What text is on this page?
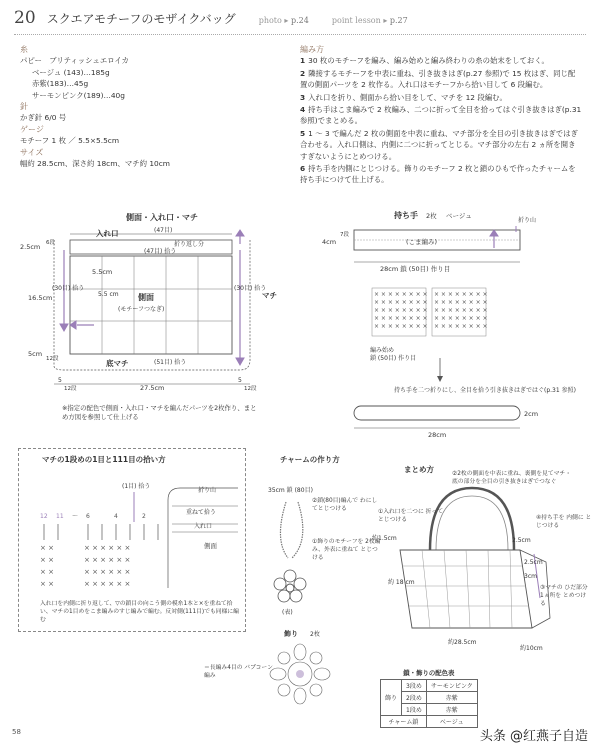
20 スクエアモチーフのモザイクバッグ	photo ▸ p.24	point lesson ▸ p.27
糸
パピー　ブリティッシュエロイカ
ベージュ (143)…185g
赤紫(183)…45g
サーモンピンク(189)…40g
針
かぎ針 6/0 号
ゲージ
モチーフ 1 枚 ／ 5.5×5.5cm
サイズ
幅約 28.5cm、深さ約 18cm、マチ約 10cm
編み方
1 30 枚のモチーフを編み、編み始めと編み終わりの糸の始末をしておく。
2 隣接するモチーフを中表に重ね、引き抜きはぎ(p.27 参照)で 15 枚はぎ、同じ配置の側面パーツを 2 枚作る。入れ口はモチーフから拾い目して 6 段編む。
3 入れ口を折り、側面から拾い目をして、マチを 12 段編む。
4 持ち手はこま編みで 2 枚編み、二つに折って全目を拾ってはぐ引き抜きはぎ(p.31 参照)でまとめる。
5 1 ～ 3 で編んだ 2 枚の側面を中表に重ね、マチ部分を全目の引き抜きはぎではぎ合わせる。入れ口側は、内側に二つに折ってとじる。マチ部分の左右 2 ヵ所を開きすぎないようにとめつける。
6 持ち手を内側にとじつける。飾りのモチーフ 2 枚と鎖のひもで作ったチャームを持ち手につけて仕上げる。
側面・入れ口・マチ
(47目)
入れ口
折り返し分
(47目) 拾う
2.5cm 6段
5.5cm
5.5 cm
16.5cm
(30目) 拾う	(30目) 拾う
側面
(モチーフつなぎ)
マチ
5cm
12段	底マチ	(51目) 拾う
5
12段	27.5cm
5
12段
※指定の配色で側面・入れ口・マチを編んだパーツを2枚作り、まとめ方図を参照して仕上げる
持ち手 2枚 ベージュ
折り山
(こま編み)
4cm
7段
28cm 鎖 (50目) 作り目
× × × × × × × ×
× × × × × × × ×
× × × × × × × ×
× × × × × × × ×
× × × × × × × ×
× × × × × × × ×
× × × × × × × ×
× × × × × × × ×
× × × × × × × ×
× × × × × × × ×
編み始め
鎖 (50目) 作り目
持ち手を二つ折りにし、全目を拾う引き抜きはぎではぐ(p.31 参照)
2cm
28cm
マチの1段めの1目と111目の拾い方
折り山
(1目) 拾う
重ねて拾う
入れ口
側面
12 11 ～ 6	4	2
× ×	× × × × × ×
× ×	× × × × × ×
× ×	× × × × × ×
× ×	× × × × × ×
入れ口を内側に折り返して、▽の鎖目の向こう側の模糸1本と×を重ねて拾い、マチの1目めをこま編みのすじ編みで編む。反対側(111目)でも同様に編む
チャームの作り方
35cm 鎖 (80目)
(表)
飾り 2枚
②鎖(80目)編んで わにしてとじつける
①飾りのモチーフを 2枚編み、外表に重ねて とじつける
＝長編み4目の パプコーン編み
まとめ方
約1.5cm	2.5cm
2.5cm
3cm
約 18 cm
約28.5cm
約10cm
②2枚の側面を中表に重ね、裏側を見てマチ・底の部分を全目の引き抜きはぎでつなぐ
①入れ口を二つに 折ってとじつける	④持ち手を 内側に とじつける
③マチの ひだ部分 1ヵ所を とめつける
鎖・飾りの配色表
飾り	3段め	サーモンピンク
	2段め	赤紫
	1段め	赤紫
チャーム鎖		ベージュ
58	头条 @红燕子自造
